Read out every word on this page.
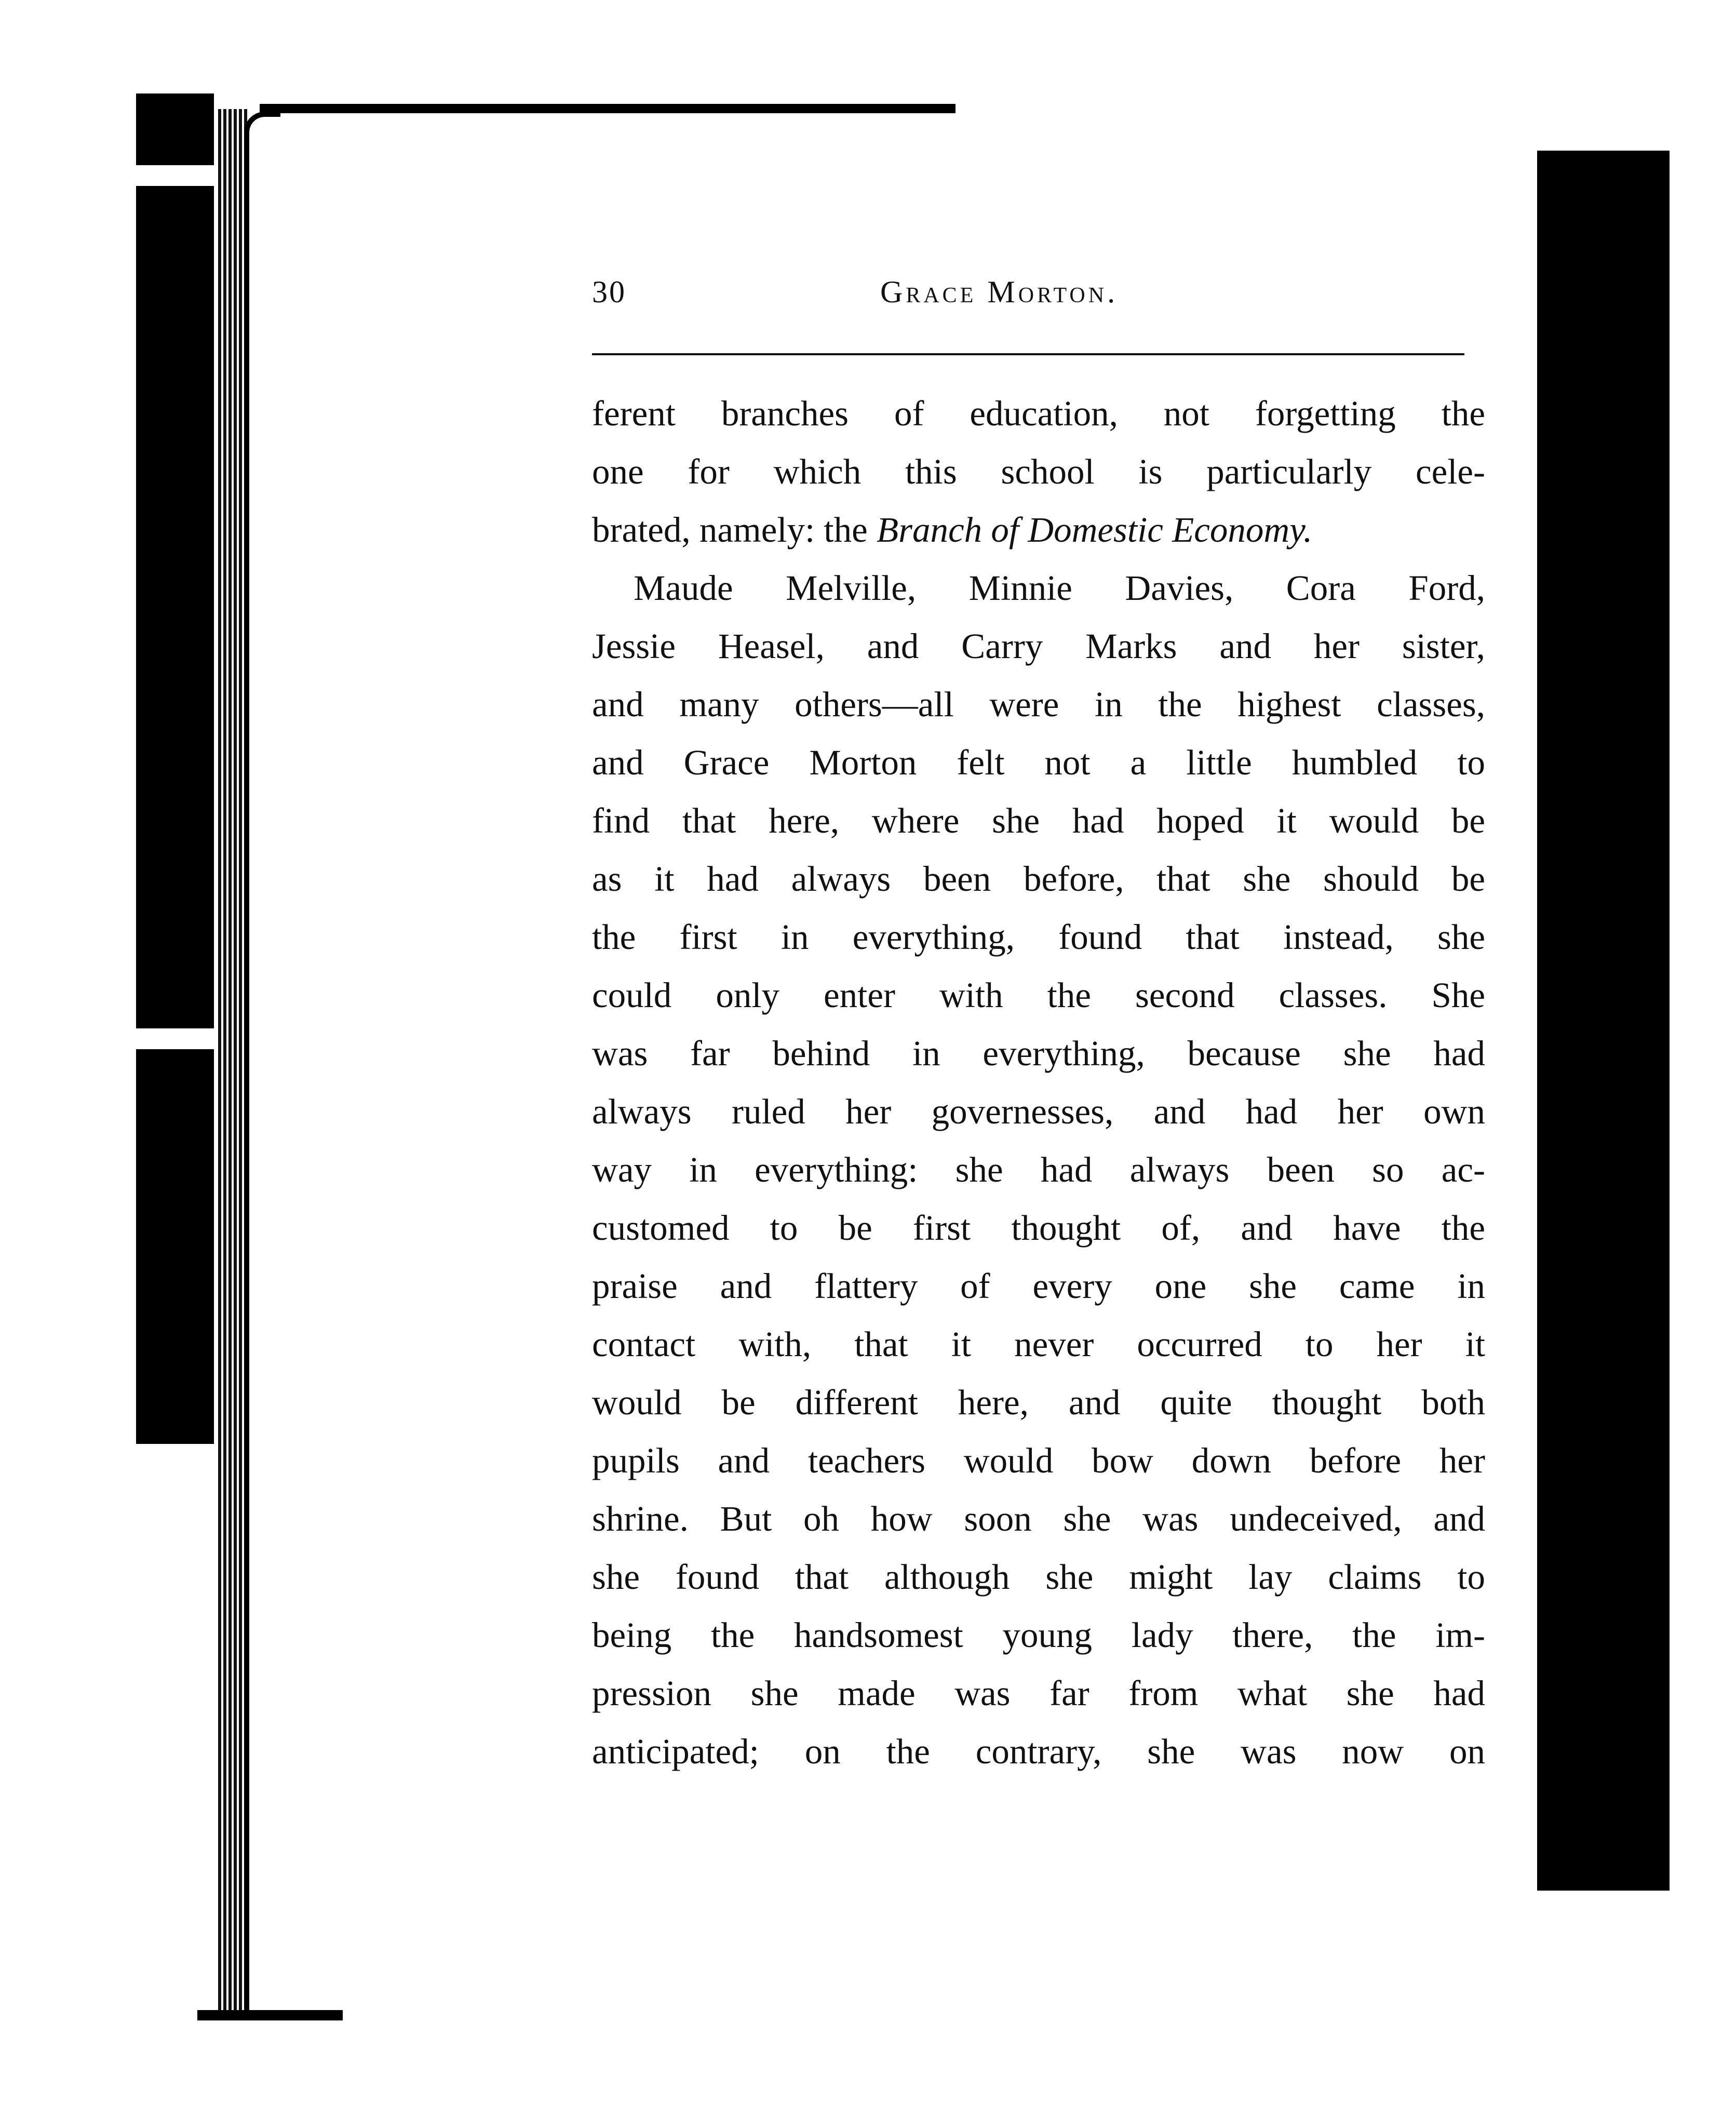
30	Grace Morton.
ferent branches of education, not forgetting the
one for which this school is particularly cele-
brated, namely: the Branch of Domestic Economy.
Maude Melville, Minnie Davies, Cora Ford,
Jessie Heasel, and Carry Marks and her sister,
and many others—all were in the highest classes,
and Grace Morton felt not a little humbled to
find that here, where she had hoped it would be
as it had always been before, that she should be
the first in everything, found that instead, she
could only enter with the second classes. She
was far behind in everything, because she had
always ruled her governesses, and had her own
way in everything: she had always been so ac-
customed to be first thought of, and have the
praise and flattery of every one she came in
contact with, that it never occurred to her it
would be different here, and quite thought both
pupils and teachers would bow down before her
shrine. But oh how soon she was undeceived, and
she found that although she might lay claims to
being the handsomest young lady there, the im-
pression she made was far from what she had
anticipated; on the contrary, she was now on
